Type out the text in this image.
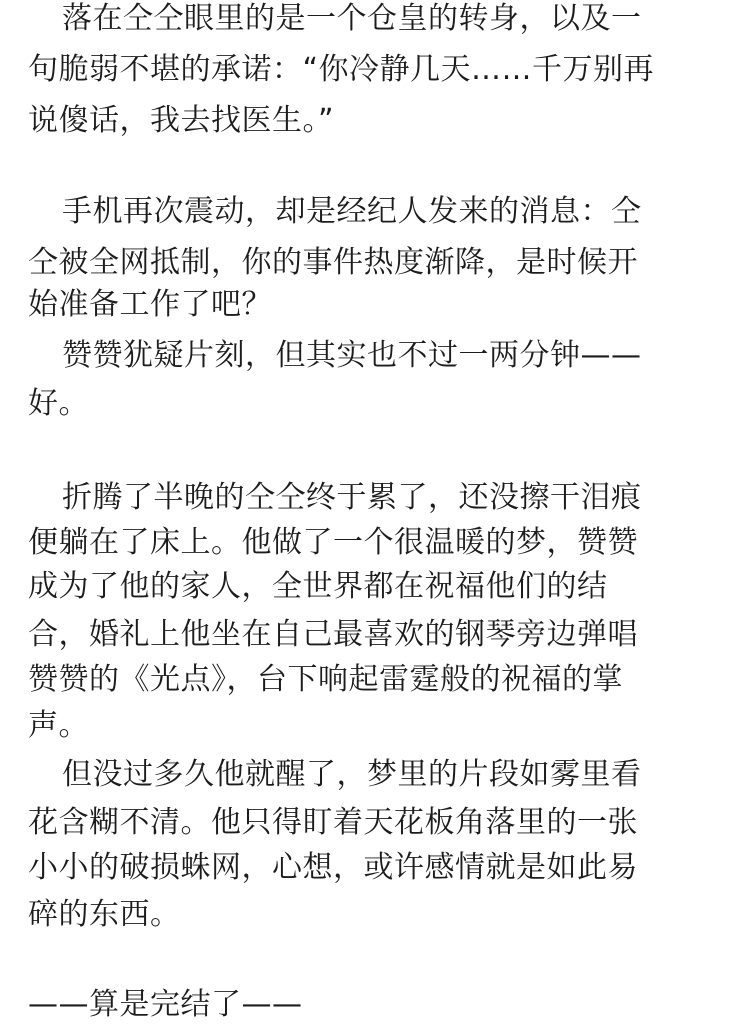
落在仝仝眼里的是一个仓皇的转身，以及一
句脆弱不堪的承诺：“你冷静几天……千万别再
说傻话，我去找医生。”
手机再次震动，却是经纪人发来的消息：仝
仝被全网抵制，你的事件热度渐降，是时候开
始准备工作了吧？
赞赞犹疑片刻，但其实也不过一两分钟——
好。
折腾了半晚的仝仝终于累了，还没擦干泪痕
便躺在了床上。他做了一个很温暖的梦，赞赞
成为了他的家人，全世界都在祝福他们的结
合，婚礼上他坐在自己最喜欢的钢琴旁边弹唱
赞赞的《光点》，台下响起雷霆般的祝福的掌
声。
但没过多久他就醒了，梦里的片段如雾里看
花含糊不清。他只得盯着天花板角落里的一张
小小的破损蛛网，心想，或许感情就是如此易
碎的东西。
——算是完结了——
